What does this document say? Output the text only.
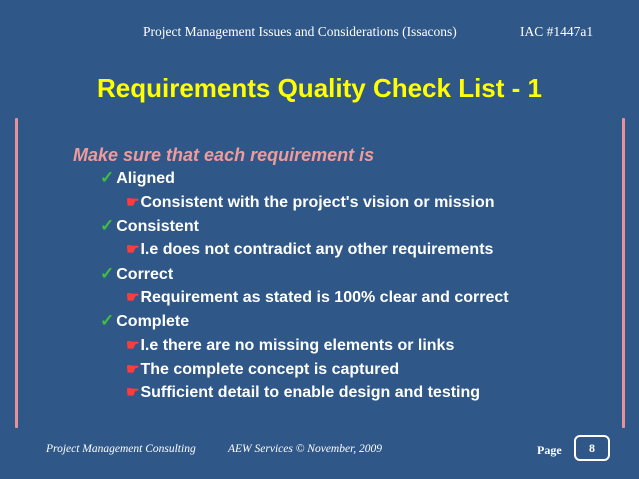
Project Management Issues and Considerations (Issacons)	IAC #1447a1
Requirements Quality Check List - 1
Make sure that each requirement is
✓ Aligned
☛Consistent with the project's vision or mission
✓ Consistent
☛I.e does not contradict any other requirements
✓ Correct
☛Requirement as stated is 100% clear and correct
✓ Complete
☛I.e there are no missing elements or links
☛The complete concept is captured
☛Sufficient detail to enable design and testing
Project Management Consulting	AEW Services © November, 2009	Page	8
